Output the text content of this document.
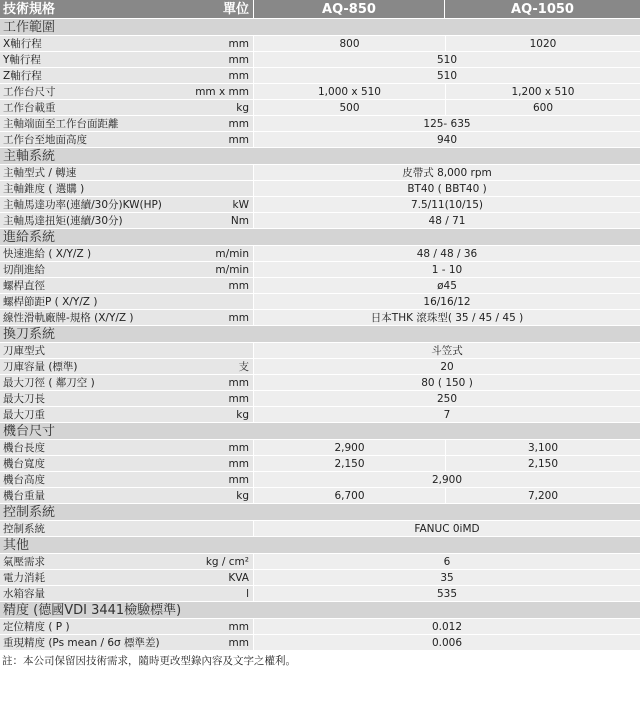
技術規格	單位	AQ-850	AQ-1050
工作範圍
X軸行程	mm	800	1020
Y軸行程	mm	510
Z軸行程	mm	510
工作台尺寸	mm x mm	1,000 x 510	1,200 x 510
工作台載重	kg	500	600
主軸端面至工作台面距離	mm	125- 635
工作台至地面高度	mm	940
主軸系統
主軸型式 / 轉速	皮帶式 8,000 rpm
主軸錐度 ( 選購 )	BT40 ( BBT40 )
主軸馬達功率(連續/30分)KW(HP)	kW	7.5/11(10/15)
主軸馬達扭矩(連續/30分)	Nm	48 / 71
進給系統
快速進給 ( X/Y/Z )	m/min	48 / 48 / 36
切削進給	m/min	1 - 10
螺桿直徑	mm	ø45
螺桿節距P ( X/Y/Z )	16/16/12
線性滑軌廠牌-規格 (X/Y/Z )	mm	日本THK 滾珠型( 35 / 45 / 45 )
換刀系統
刀庫型式	斗笠式
刀庫容量 (標準)	支	20
最大刀徑 ( 鄰刀空 )	mm	80 ( 150 )
最大刀長	mm	250
最大刀重	kg	7
機台尺寸
機台長度	mm	2,900	3,100
機台寬度	mm	2,150	2,150
機台高度	mm	2,900
機台重量	kg	6,700	7,200
控制系統
控制系統	FANUC 0iMD
其他
氣壓需求	kg / cm²	6
電力消耗	KVA	35
水箱容量	l	535
精度 (德國VDI 3441檢驗標準)
定位精度 ( P )	mm	0.012
重現精度 (Ps mean / 6σ 標準差)	mm	0.006
註：本公司保留因技術需求，隨時更改型錄內容及文字之權利。
